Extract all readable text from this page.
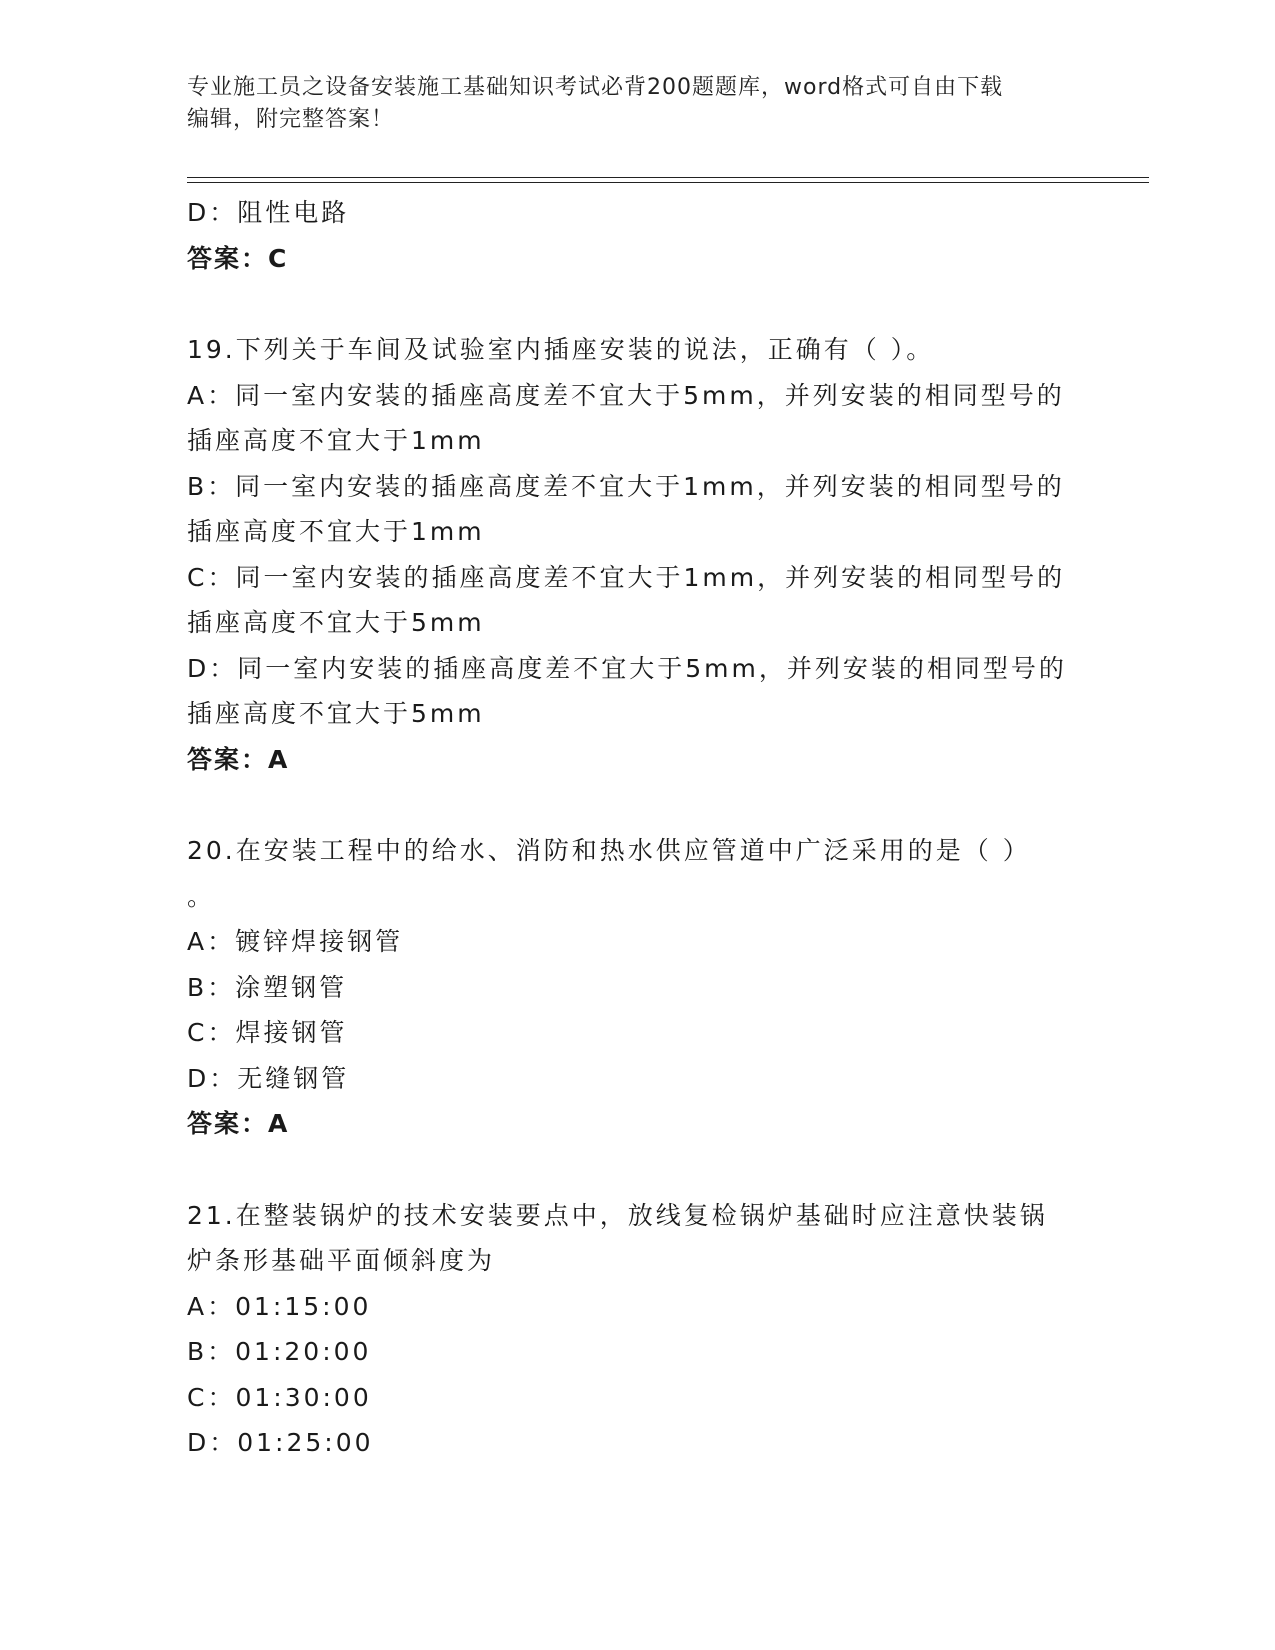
专业施工员之设备安装施工基础知识考试必背200题题库，word格式可自由下载
编辑，附完整答案！
D：阻性电路
答案：C
19.下列关于车间及试验室内插座安装的说法，正确有（ ）。
A：同一室内安装的插座高度差不宜大于5mm，并列安装的相同型号的
插座高度不宜大于1mm
B：同一室内安装的插座高度差不宜大于1mm，并列安装的相同型号的
插座高度不宜大于1mm
C：同一室内安装的插座高度差不宜大于1mm，并列安装的相同型号的
插座高度不宜大于5mm
D：同一室内安装的插座高度差不宜大于5mm，并列安装的相同型号的
插座高度不宜大于5mm
答案：A
20.在安装工程中的给水、消防和热水供应管道中广泛采用的是（ ）
。
A：镀锌焊接钢管
B：涂塑钢管
C：焊接钢管
D：无缝钢管
答案：A
21.在整装锅炉的技术安装要点中，放线复检锅炉基础时应注意快装锅
炉条形基础平面倾斜度为
A：01:15:00
B：01:20:00
C：01:30:00
D：01:25:00
